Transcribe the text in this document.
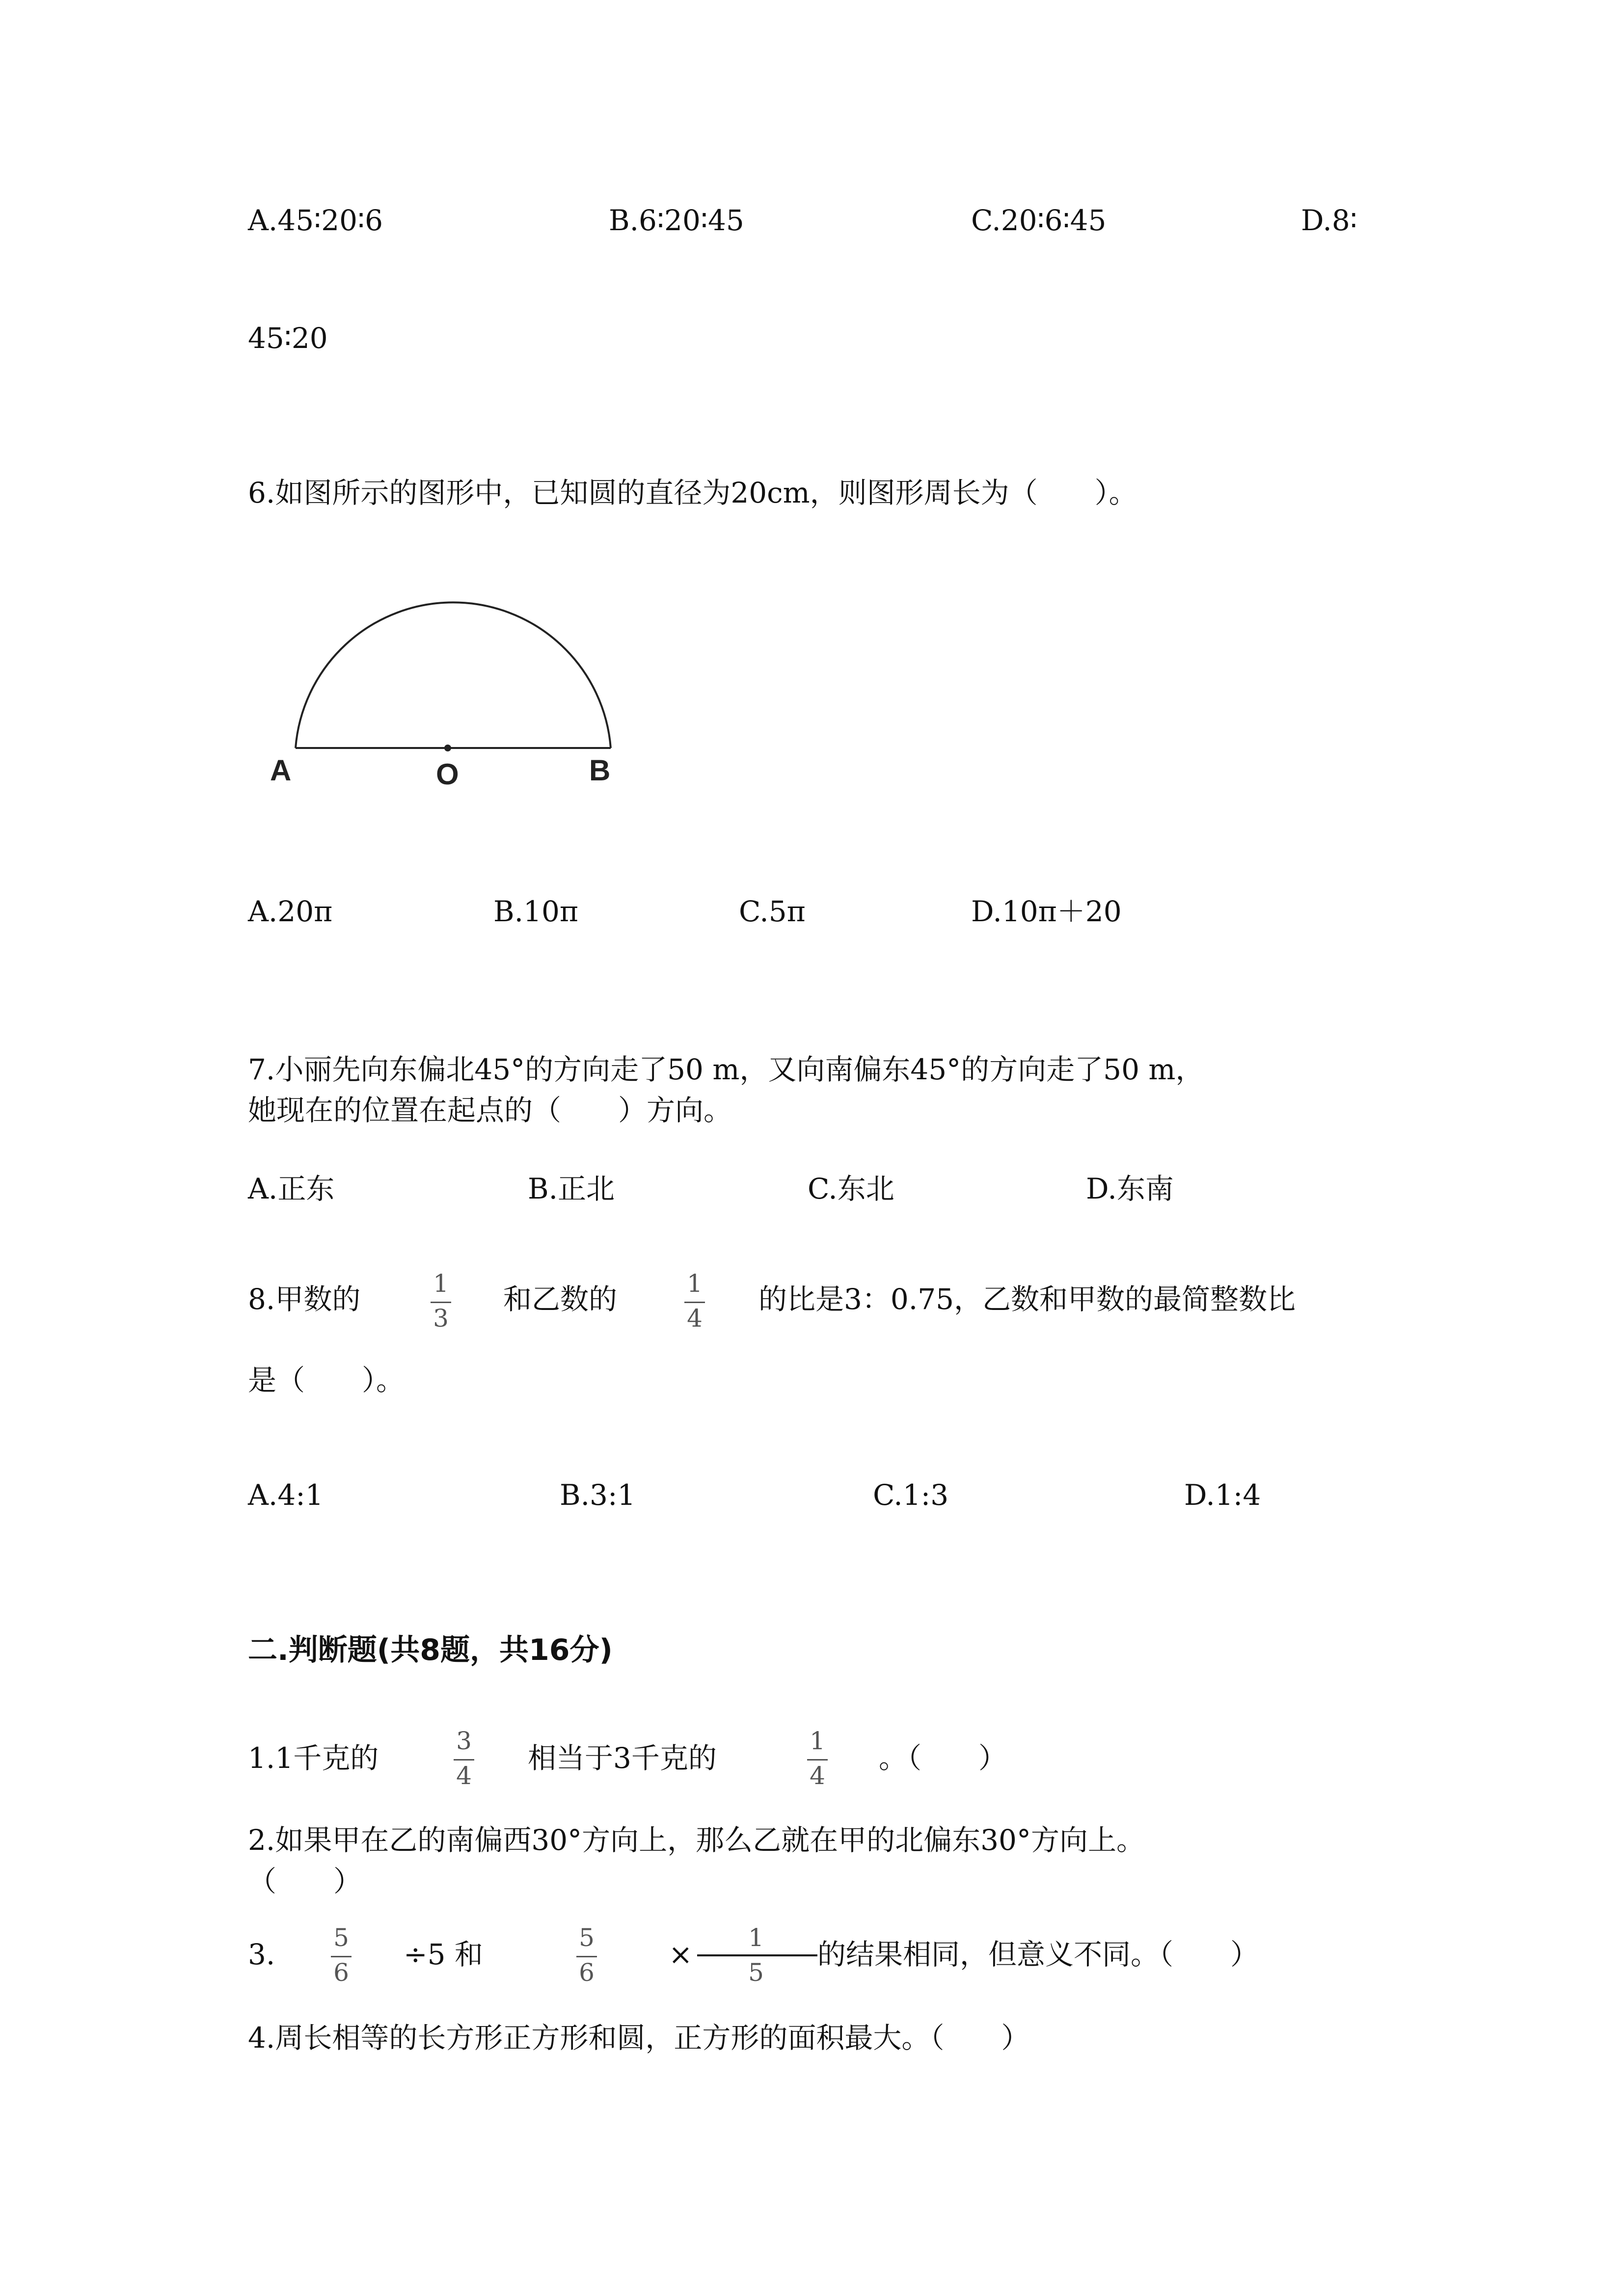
A.45∶20∶6	B.6∶20∶45	C.20∶6∶45	D.8∶
45∶20
6.如图所示的图形中，已知圆的直径为20cm，则图形周长为（　　）。
A	O	B
A.20π	B.10π	C.5π	D.10π＋20
7.小丽先向东偏北45°的方向走了50 m，又向南偏东45°的方向走了50 m，
她现在的位置在起点的（　　）方向。
A.正东	B.正北	C.东北	D.东南
8.甲数的	1
3
和乙数的	1
4
的比是3：0.75，乙数和甲数的最简整数比
是（　　）。
A.4:1	B.3:1	C.1:3	D.1:4
二.判断题(共8题，共16分)
1.1千克的
3
4
相当于3千克的
1
4
。（　　）
2.如果甲在乙的南偏西30°方向上，那么乙就在甲的北偏东30°方向上。
（　　）
3. 5
6
÷5 和	5
6
× 1
5
的结果相同，但意义不同。（　　）
4.周长相等的长方形正方形和圆，正方形的面积最大。（　　）
